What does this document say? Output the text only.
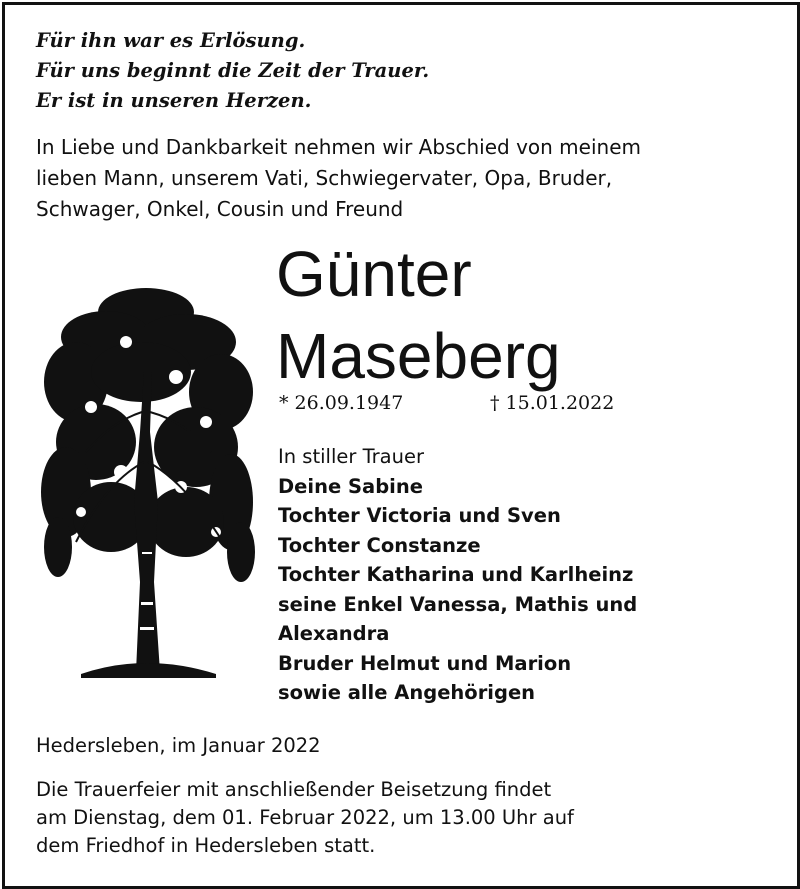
Für ihn war es Erlösung.
Für uns beginnt die Zeit der Trauer.
Er ist in unseren Herzen.
In Liebe und Dankbarkeit nehmen wir Abschied von meinem
lieben Mann, unserem Vati, Schwiegervater, Opa, Bruder,
Schwager, Onkel, Cousin und Freund
Günter
Maseberg
* 26.09.1947	† 15.01.2022
In stiller Trauer
Deine Sabine
Tochter Victoria und Sven
Tochter Constanze
Tochter Katharina und Karlheinz
seine Enkel Vanessa, Mathis und
Alexandra
Bruder Helmut und Marion
sowie alle Angehörigen
Hedersleben, im Januar 2022
Die Trauerfeier mit anschließender Beisetzung findet
am Dienstag, dem 01. Februar 2022, um 13.00 Uhr auf
dem Friedhof in Hedersleben statt.
